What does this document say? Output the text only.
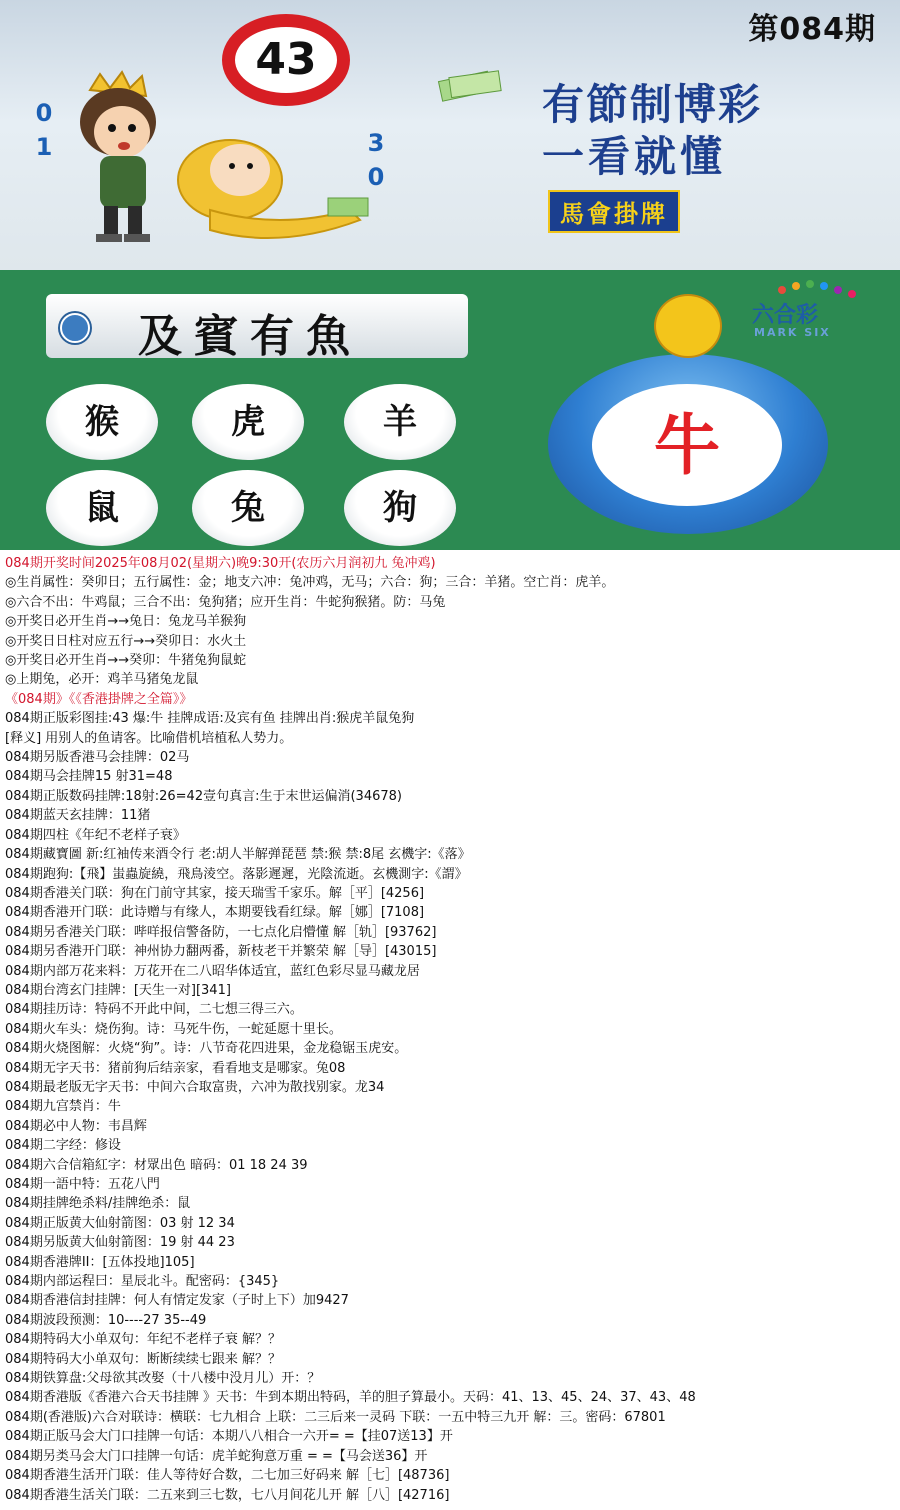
第084期
43
0
1	3
0
有節制博彩
一看就懂
馬會掛牌
及賓有魚
猴	虎	羊
鼠	兔	狗
牛
六合彩
MARK SIX
084期开奖时间2025年08月02(星期六)晚9:30开(农历六月润初九 兔冲鸡)
◎生肖属性：癸卯日；五行属性：金；地支六冲：兔冲鸡，无马；六合：狗；三合：羊猪。空亡肖：虎羊。
◎六合不出：牛鸡鼠；三合不出：兔狗猪；应开生肖：牛蛇狗猴猪。防：马兔
◎开奖日必开生肖→→兔日：兔龙马羊猴狗
◎开奖日日柱对应五行→→癸卯日：水火土
◎开奖日必开生肖→→癸卯：牛猪兔狗鼠蛇
◎上期兔，必开：鸡羊马猪兔龙鼠
《084期》《《香港掛牌之全篇》》
084期正版彩图挂:43 爆:牛 挂牌成语:及宾有鱼 挂牌出肖:猴虎羊鼠兔狗
[释义] 用别人的鱼请客。比喻借机培植私人势力。
084期另版香港马会挂牌：02马
084期马会挂牌15 射31=48
084期正版数码挂牌:18射:26=42壹句真言:生于末世运偏消(34678)
084期蓝天玄挂牌：11猪
084期四柱《年纪不老样子衰》
084期藏寶圖 新:红袖传来酒令行 老:胡人半解弹琵琶 禁:猴 禁:8尾 玄機字:《落》
084期跑狗:【飛】蚩蟲旋繞，飛鳥淩空。落影遲遲，光陰流逝。玄機測字:《謂》
084期香港关门联：狗在门前守其家，接天瑞雪千家乐。解［平］[4256]
084期香港开门联：此诗赠与有缘人，本期要钱看红绿。解［娜］[7108]
084期另香港关门联：哔咩报信警备防，一七点化启懵懂 解［轨］[93762]
084期另香港开门联：神州协力翻两番，新枝老干并繁荣 解［导］[43015]
084期内部万花来料：万花开在二八昭华体适宜，蓝红色彩尽显马藏龙居
084期台湾玄门挂牌：[天生一对][341]
084期挂历诗：特码不开此中间，二七想三得三六。
084期火车头：烧伤狗。诗：马死牛伤，一蛇延愿十里长。
084期火烧图解：火烧“狗”。诗：八节奇花四进果，金龙稳锯玉虎安。
084期无字天书：猪前狗后结亲家，看看地支是哪家。兔08
084期最老版无字天书：中间六合取富贵，六冲为散找别家。龙34
084期九宫禁肖：牛
084期必中人物：韦昌辉
084期二字经：修设
084期六合信箱紅字：材眾出色 暗码：01 18 24 39
084期一語中特：五花八門
084期挂牌绝杀料/挂牌绝杀：鼠
084期正版黄大仙射箭图：03 射 12 34
084期另版黄大仙射箭图：19 射 44 23
084期香港牌II：[五体投地]105]
084期内部运程曰：星辰北斗。配密码：{345}
084期香港信封挂牌：何人有情定发家（子时上下）加9427
084期波段预测：10----27 35--49
084期特码大小单双句：年纪不老样子衰 解？？
084期特码大小单双句：断断续续七跟来 解？？
084期铁算盘:父母欲其改娶（十八楼中没月儿）开：？
084期香港版《香港六合天书挂牌 》天书：牛到本期出特码，羊的胆子算最小。天码：41、13、45、24、37、43、48
084期(香港版)六合对联诗：横联：七九相合 上联：二三后来一灵码 下联：一五中特三九开 解：三。密码：67801
084期正版马会大门口挂牌一句话：本期八八相合一六开= =【挂07送13】开
084期另类马会大门口挂牌一句话：虎羊蛇狗意万重 = =【马会送36】开
084期香港生活开门联：佳人等待好合数，二七加三好码来 解［七］[48736]
084期香港生活关门联：二五来到三七数，七八月间花儿开 解［八］[42716]
